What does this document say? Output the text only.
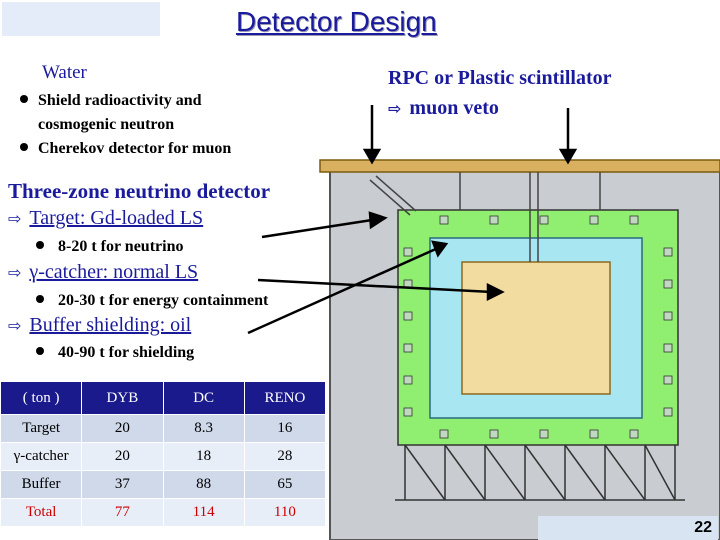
Detector Design
Water
Shield radioactivity and
cosmogenic neutron
Cherekov detector for muon
RPC or Plastic scintillator
⇨ muon veto
Three-zone neutrino detector
⇨ Target: Gd-loaded LS
8-20 t for neutrino
⇨ γ-catcher: normal LS
20-30 t for energy containment
⇨ Buffer shielding: oil
40-90 t for shielding
( ton )	DYB	DC	RENO
Target	20	8.3	16
γ-catcher	20	18	28
Buffer	37	88	65
Total	77	114	110
22
